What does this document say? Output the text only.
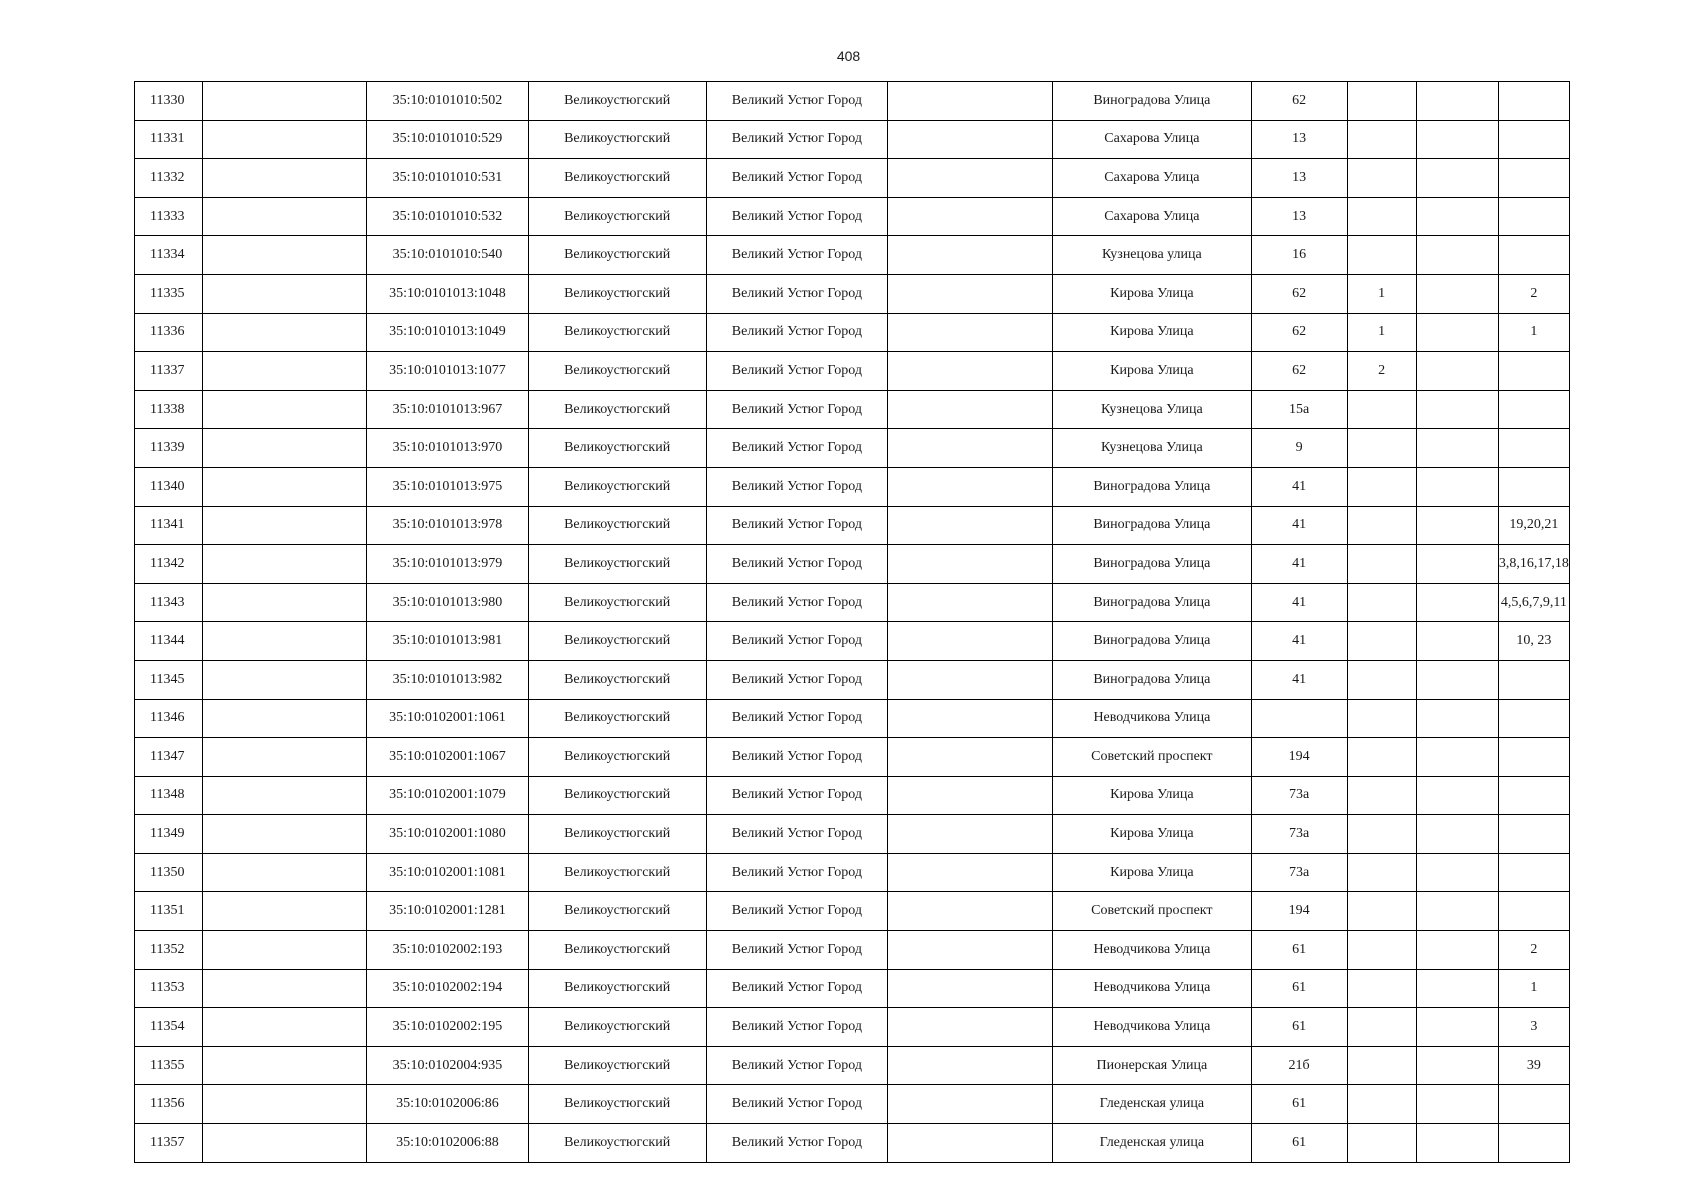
408
11330		35:10:0101010:502	Великоустюгский	Великий Устюг Город		Виноградова Улица	62			
11331		35:10:0101010:529	Великоустюгский	Великий Устюг Город		Сахарова Улица	13			
11332		35:10:0101010:531	Великоустюгский	Великий Устюг Город		Сахарова Улица	13			
11333		35:10:0101010:532	Великоустюгский	Великий Устюг Город		Сахарова Улица	13			
11334		35:10:0101010:540	Великоустюгский	Великий Устюг Город		Кузнецова улица	16			
11335		35:10:0101013:1048	Великоустюгский	Великий Устюг Город		Кирова Улица	62	1		2
11336		35:10:0101013:1049	Великоустюгский	Великий Устюг Город		Кирова Улица	62	1		1
11337		35:10:0101013:1077	Великоустюгский	Великий Устюг Город		Кирова Улица	62	2		
11338		35:10:0101013:967	Великоустюгский	Великий Устюг Город		Кузнецова Улица	15а			
11339		35:10:0101013:970	Великоустюгский	Великий Устюг Город		Кузнецова Улица	9			
11340		35:10:0101013:975	Великоустюгский	Великий Устюг Город		Виноградова Улица	41			
11341		35:10:0101013:978	Великоустюгский	Великий Устюг Город		Виноградова Улица	41			19,20,21
11342		35:10:0101013:979	Великоустюгский	Великий Устюг Город		Виноградова Улица	41			3,8,16,17,18
11343		35:10:0101013:980	Великоустюгский	Великий Устюг Город		Виноградова Улица	41			4,5,6,7,9,11
11344		35:10:0101013:981	Великоустюгский	Великий Устюг Город		Виноградова Улица	41			10, 23
11345		35:10:0101013:982	Великоустюгский	Великий Устюг Город		Виноградова Улица	41			
11346		35:10:0102001:1061	Великоустюгский	Великий Устюг Город		Неводчикова Улица				
11347		35:10:0102001:1067	Великоустюгский	Великий Устюг Город		Советский проспект	194			
11348		35:10:0102001:1079	Великоустюгский	Великий Устюг Город		Кирова Улица	73а			
11349		35:10:0102001:1080	Великоустюгский	Великий Устюг Город		Кирова Улица	73а			
11350		35:10:0102001:1081	Великоустюгский	Великий Устюг Город		Кирова Улица	73а			
11351		35:10:0102001:1281	Великоустюгский	Великий Устюг Город		Советский проспект	194			
11352		35:10:0102002:193	Великоустюгский	Великий Устюг Город		Неводчикова Улица	61			2
11353		35:10:0102002:194	Великоустюгский	Великий Устюг Город		Неводчикова Улица	61			1
11354		35:10:0102002:195	Великоустюгский	Великий Устюг Город		Неводчикова Улица	61			3
11355		35:10:0102004:935	Великоустюгский	Великий Устюг Город		Пионерская Улица	21б			39
11356		35:10:0102006:86	Великоустюгский	Великий Устюг Город		Гледенская улица	61			
11357		35:10:0102006:88	Великоустюгский	Великий Устюг Город		Гледенская улица	61			
